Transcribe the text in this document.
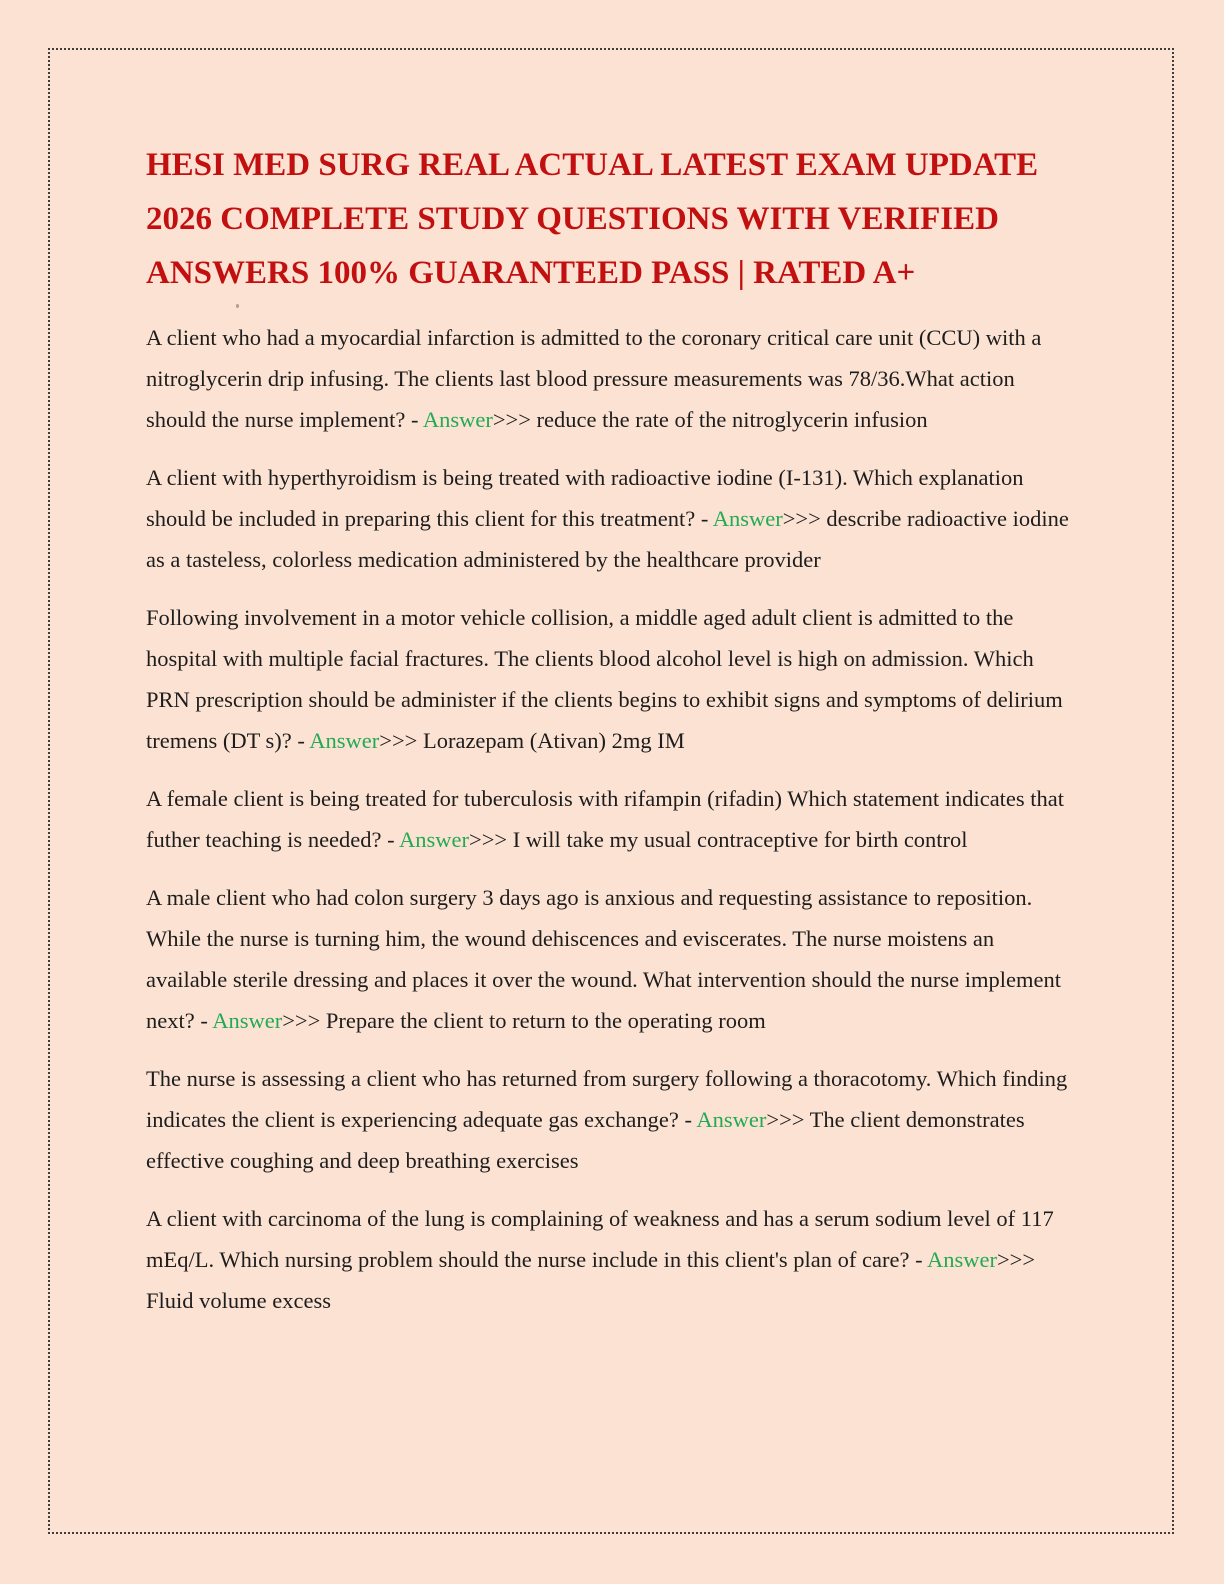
HESI MED SURG REAL ACTUAL LATEST EXAM UPDATE
2026 COMPLETE STUDY QUESTIONS WITH VERIFIED
ANSWERS 100% GUARANTEED PASS | RATED A+

A client who had a myocardial infarction is admitted to the coronary critical care unit (CCU) with a nitroglycerin drip infusing. The clients last blood pressure measurements was 78/36.What action should the nurse implement? - Answer>>> reduce the rate of the nitroglycerin infusion

A client with hyperthyroidism is being treated with radioactive iodine (I-131). Which explanation should be included in preparing this client for this treatment? - Answer>>> describe radioactive iodine as a tasteless, colorless medication administered by the healthcare provider

Following involvement in a motor vehicle collision, a middle aged adult client is admitted to the hospital with multiple facial fractures. The clients blood alcohol level is high on admission. Which PRN prescription should be administer if the clients begins to exhibit signs and symptoms of delirium tremens (DT s)? - Answer>>> Lorazepam (Ativan) 2mg IM

A female client is being treated for tuberculosis with rifampin (rifadin) Which statement indicates that futher teaching is needed? - Answer>>> I will take my usual contraceptive for birth control

A male client who had colon surgery 3 days ago is anxious and requesting assistance to reposition. While the nurse is turning him, the wound dehiscences and eviscerates. The nurse moistens an available sterile dressing and places it over the wound. What intervention should the nurse implement next? - Answer>>> Prepare the client to return to the operating room

The nurse is assessing a client who has returned from surgery following a thoracotomy. Which finding indicates the client is experiencing adequate gas exchange? - Answer>>> The client demonstrates effective coughing and deep breathing exercises

A client with carcinoma of the lung is complaining of weakness and has a serum sodium level of 117 mEq/L. Which nursing problem should the nurse include in this client's plan of care? - Answer>>> Fluid volume excess
